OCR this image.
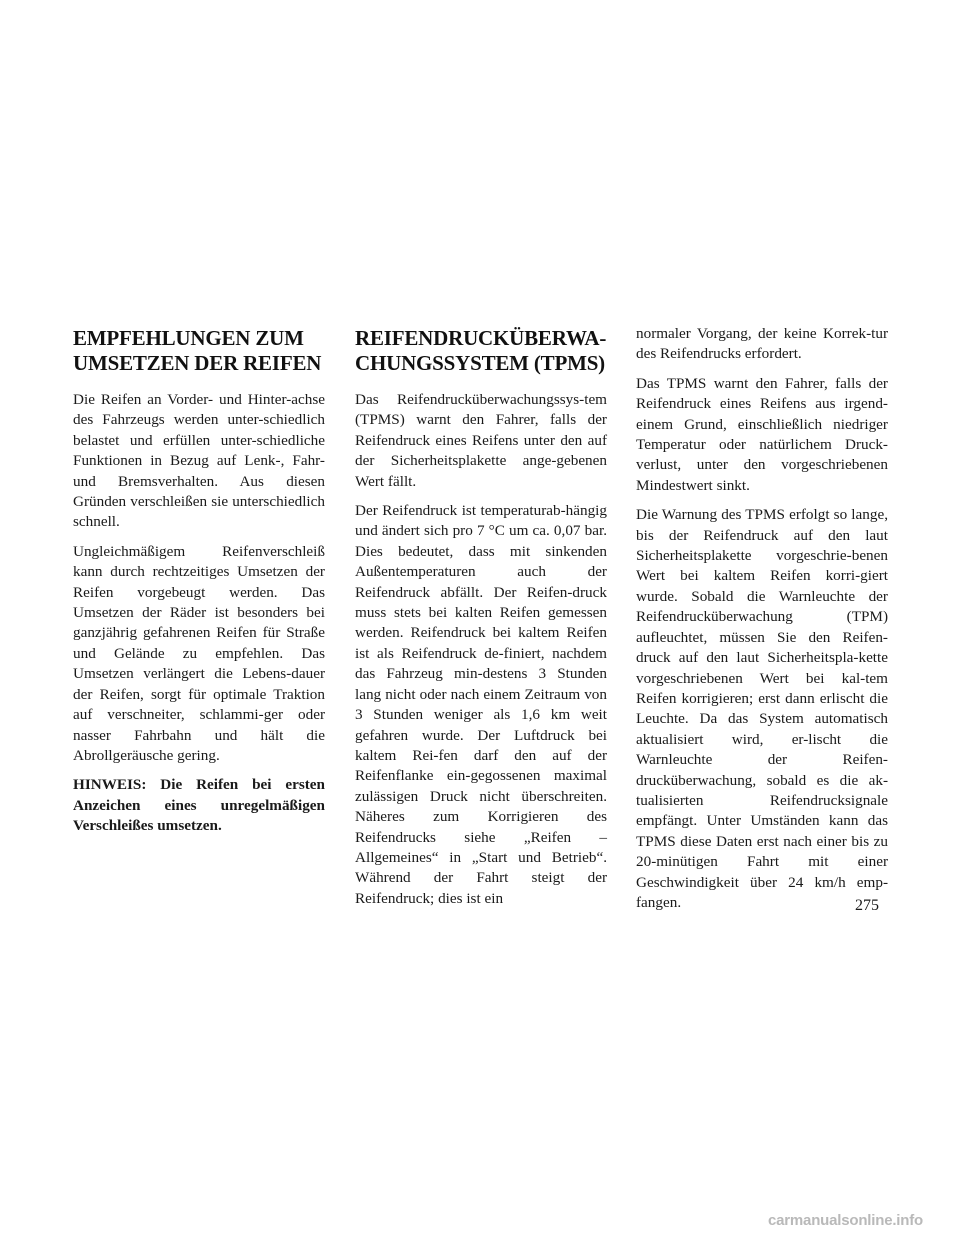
EMPFEHLUNGEN ZUM
UMSETZEN DER REIFEN

Die Reifen an Vorder- und Hinter-achse des Fahrzeugs werden unter-schiedlich belastet und erfüllen unter-schiedliche Funktionen in Bezug auf Lenk-, Fahr- und Bremsverhalten. Aus diesen Gründen verschleißen sie unterschiedlich schnell.

Ungleichmäßigem Reifenverschleiß kann durch rechtzeitiges Umsetzen der Reifen vorgebeugt werden. Das Umsetzen der Räder ist besonders bei ganzjährig gefahrenen Reifen für Straße und Gelände zu empfehlen. Das Umsetzen verlängert die Lebens-dauer der Reifen, sorgt für optimale Traktion auf verschneiter, schlammi-ger oder nasser Fahrbahn und hält die Abrollgeräusche gering.

HINWEIS: Die Reifen bei ersten Anzeichen eines unregelmäßigen Verschleißes umsetzen.

REIFENDRUCKÜBERWA-
CHUNGSSYSTEM (TPMS)

Das Reifendrucküberwachungssys-tem (TPMS) warnt den Fahrer, falls der Reifendruck eines Reifens unter den auf der Sicherheitsplakette ange-gebenen Wert fällt.

Der Reifendruck ist temperaturab-hängig und ändert sich pro 7 °C um ca. 0,07 bar. Dies bedeutet, dass mit sinkenden Außentemperaturen auch der Reifendruck abfällt. Der Reifen-druck muss stets bei kalten Reifen gemessen werden. Reifendruck bei kaltem Reifen ist als Reifendruck de-finiert, nachdem das Fahrzeug min-destens 3 Stunden lang nicht oder nach einem Zeitraum von 3 Stunden weniger als 1,6 km weit gefahren wurde. Der Luftdruck bei kaltem Rei-fen darf den auf der Reifenflanke ein-gegossenen maximal zulässigen Druck nicht überschreiten. Näheres zum Korrigieren des Reifendrucks siehe „Reifen – Allgemeines“ in „Start und Betrieb“. Während der Fahrt steigt der Reifendruck; dies ist ein

normaler Vorgang, der keine Korrek-tur des Reifendrucks erfordert.

Das TPMS warnt den Fahrer, falls der Reifendruck eines Reifens aus irgend-einem Grund, einschließlich niedriger Temperatur oder natürlichem Druck-verlust, unter den vorgeschriebenen Mindestwert sinkt.

Die Warnung des TPMS erfolgt so lange, bis der Reifendruck auf den laut Sicherheitsplakette vorgeschrie-benen Wert bei kaltem Reifen korri-giert wurde. Sobald die Warnleuchte der Reifendrucküberwachung (TPM) aufleuchtet, müssen Sie den Reifen-druck auf den laut Sicherheitspla-kette vorgeschriebenen Wert bei kal-tem Reifen korrigieren; erst dann erlischt die Leuchte. Da das System automatisch aktualisiert wird, er-lischt die Warnleuchte der Reifen-drucküberwachung, sobald es die ak-tualisierten Reifendrucksignale empfängt. Unter Umständen kann das TPMS diese Daten erst nach einer bis zu 20-minütigen Fahrt mit einer Geschwindigkeit über 24 km/h emp-fangen.	275
carmanualsonline.info
